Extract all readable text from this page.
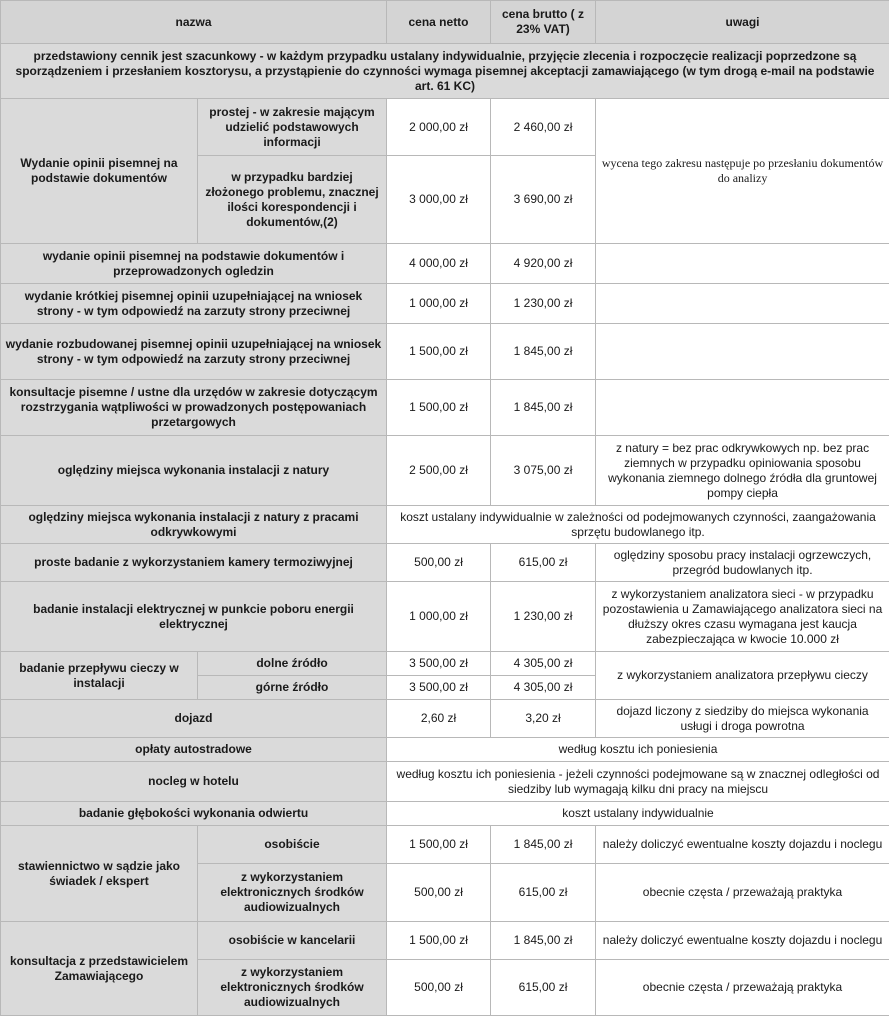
nazwa		cena netto	cena brutto ( z 23% VAT)	uwagi
przedstawiony cennik jest szacunkowy - w każdym przypadku ustalany indywidualnie, przyjęcie zlecenia i rozpoczęcie realizacji poprzedzone są sporządzeniem i przesłaniem kosztorysu, a przystąpienie do czynności wymaga pisemnej akceptacji zamawiającego (w tym drogą e-mail na podstawie art. 61 KC)				
Wydanie opinii pisemnej na podstawie dokumentów	prostej - w zakresie mającym udzielić podstawowych informacji	2 000,00 zł	2 460,00 zł	wycena tego zakresu następuje po przesłaniu dokumentów do analizy
	w przypadku bardziej złożonego problemu, znacznej ilości korespondencji i dokumentów,(2)	3 000,00 zł	3 690,00 zł	
wydanie opinii pisemnej na podstawie dokumentów i przeprowadzonych ogledzin		4 000,00 zł	4 920,00 zł	
wydanie krótkiej pisemnej opinii uzupełniającej na wniosek strony - w tym odpowiedź na zarzuty strony przeciwnej		1 000,00 zł	1 230,00 zł	
wydanie rozbudowanej pisemnej opinii uzupełniającej na wniosek strony - w tym odpowiedź na zarzuty strony przeciwnej		1 500,00 zł	1 845,00 zł	
konsultacje pisemne / ustne dla urzędów w zakresie dotyczącym rozstrzygania wątpliwości w prowadzonych postępowaniach przetargowych		1 500,00 zł	1 845,00 zł	
oględziny miejsca wykonania instalacji z natury		2 500,00 zł	3 075,00 zł	z natury = bez prac odkrywkowych np. bez prac ziemnych w przypadku opiniowania sposobu wykonania ziemnego dolnego źródła dla gruntowej pompy ciepła
oględziny miejsca wykonania instalacji z natury z pracami odkrywkowymi		koszt ustalany indywidualnie w zależności od podejmowanych czynności, zaangażowania sprzętu budowlanego itp.		
proste badanie z wykorzystaniem kamery termoziwyjnej		500,00 zł	615,00 zł	oględziny sposobu pracy instalacji ogrzewczych, przegród budowlanych itp.
badanie instalacji elektrycznej w punkcie poboru energii elektrycznej		1 000,00 zł	1 230,00 zł	z wykorzystaniem analizatora sieci - w przypadku pozostawienia u Zamawiającego analizatora sieci na dłuższy okres czasu wymagana jest kaucja zabezpieczająca w kwocie 10.000 zł
badanie przepływu cieczy w instalacji	dolne źródło	3 500,00 zł	4 305,00 zł	z wykorzystaniem analizatora przepływu cieczy
	górne źródło	3 500,00 zł	4 305,00 zł	
dojazd		2,60 zł	3,20 zł	dojazd liczony z siedziby do miejsca wykonania usługi i droga powrotna
opłaty autostradowe		według kosztu ich poniesienia		
nocleg w hotelu		według kosztu ich poniesienia - jeżeli czynności podejmowane są w znacznej odległości od siedziby lub wymagają kilku dni pracy na miejscu		
badanie głębokości wykonania odwiertu		koszt ustalany indywidualnie		
stawiennictwo w sądzie jako świadek / ekspert	osobiście	1 500,00 zł	1 845,00 zł	należy doliczyć ewentualne koszty dojazdu i noclegu
	z wykorzystaniem elektronicznych środków audiowizualnych	500,00 zł	615,00 zł	obecnie częsta / przeważają praktyka
konsultacja z przedstawicielem Zamawiającego	osobiście w kancelarii	1 500,00 zł	1 845,00 zł	należy doliczyć ewentualne koszty dojazdu i noclegu
	z wykorzystaniem elektronicznych środków audiowizualnych	500,00 zł	615,00 zł	obecnie częsta / przeważają praktyka
